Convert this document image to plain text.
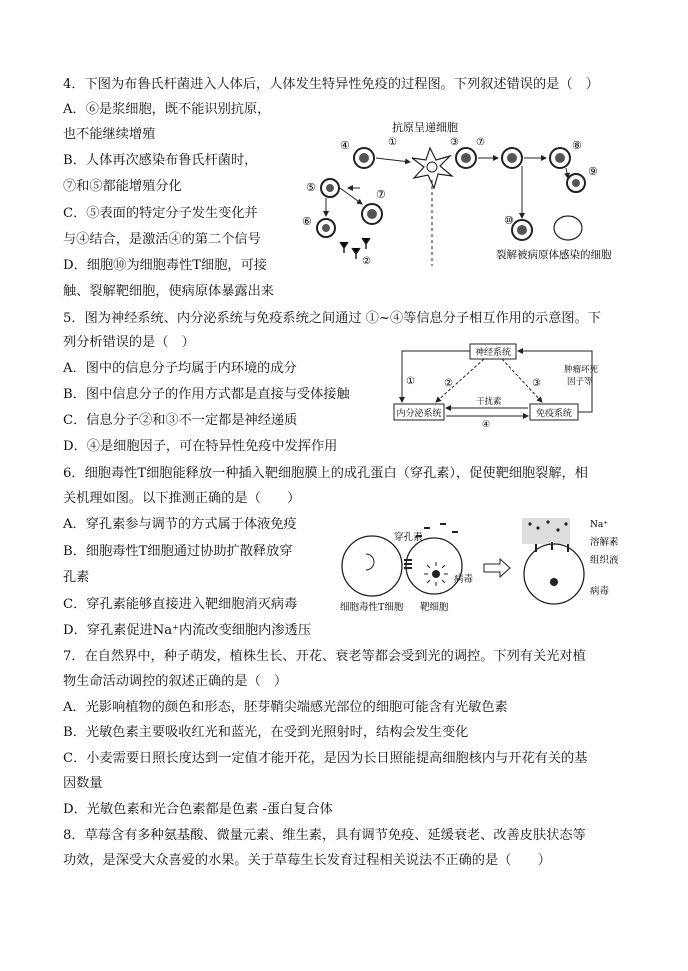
4．下图为布鲁氏杆菌进入人体后，人体发生特异性免疫的过程图。下列叙述错误的是（　）
A．⑥是浆细胞，既不能识别抗原，
也不能继续增殖
B．人体再次感染布鲁氏杆菌时，
⑦和⑤都能增殖分化
C．⑤表面的特定分子发生变化并
与④结合，是激活④的第二个信号
D．细胞⑩为细胞毒性T细胞，可接
触、裂解靶细胞，使病原体暴露出来
抗原呈递细胞
④	①	③ ⑦	⑧
⑨
⑩
裂解被病原体感染的细胞
⑤
⑦
⑥
②
5．图为神经系统、内分泌系统与免疫系统之间通过 ①~④等信息分子相互作用的示意图。下
列分析错误的是（　）
A．图中的信息分子均属于内环境的成分
B．图中信息分子的作用方式都是直接与受体接触
C．信息分子②和③不一定都是神经递质
D．④是细胞因子，可在特异性免疫中发挥作用
神经系统
内分泌系统	免疫系统
①	②	③
肿瘤坏死
因子等
干扰素
④
6．细胞毒性T细胞能释放一种插入靶细胞膜上的成孔蛋白（穿孔素），促使靶细胞裂解，相
关机理如图。以下推测正确的是（　　）
A．穿孔素参与调节的方式属于体液免疫
B．细胞毒性T细胞通过协助扩散释放穿
孔素
C．穿孔素能够直接进入靶细胞消灭病毒
D．穿孔素促进Na⁺内流改变细胞内渗透压
穿孔素
病毒
细胞毒性T细胞 靶细胞
Na⁺
溶解素
组织液
病毒
7．在自然界中，种子萌发，植株生长、开花、衰老等都会受到光的调控。下列有关光对植
物生命活动调控的叙述正确的是（　）
A．光影响植物的颜色和形态，胚芽鞘尖端感光部位的细胞可能含有光敏色素
B．光敏色素主要吸收红光和蓝光，在受到光照射时，结构会发生变化
C．小麦需要日照长度达到一定值才能开花，是因为长日照能提高细胞核内与开花有关的基
因数量
D．光敏色素和光合色素都是色素 -蛋白复合体
8．草莓含有多种氨基酸、微量元素、维生素，具有调节免疫、延缓衰老、改善皮肤状态等
功效，是深受大众喜爱的水果。关于草莓生长发育过程相关说法不正确的是（　　）
